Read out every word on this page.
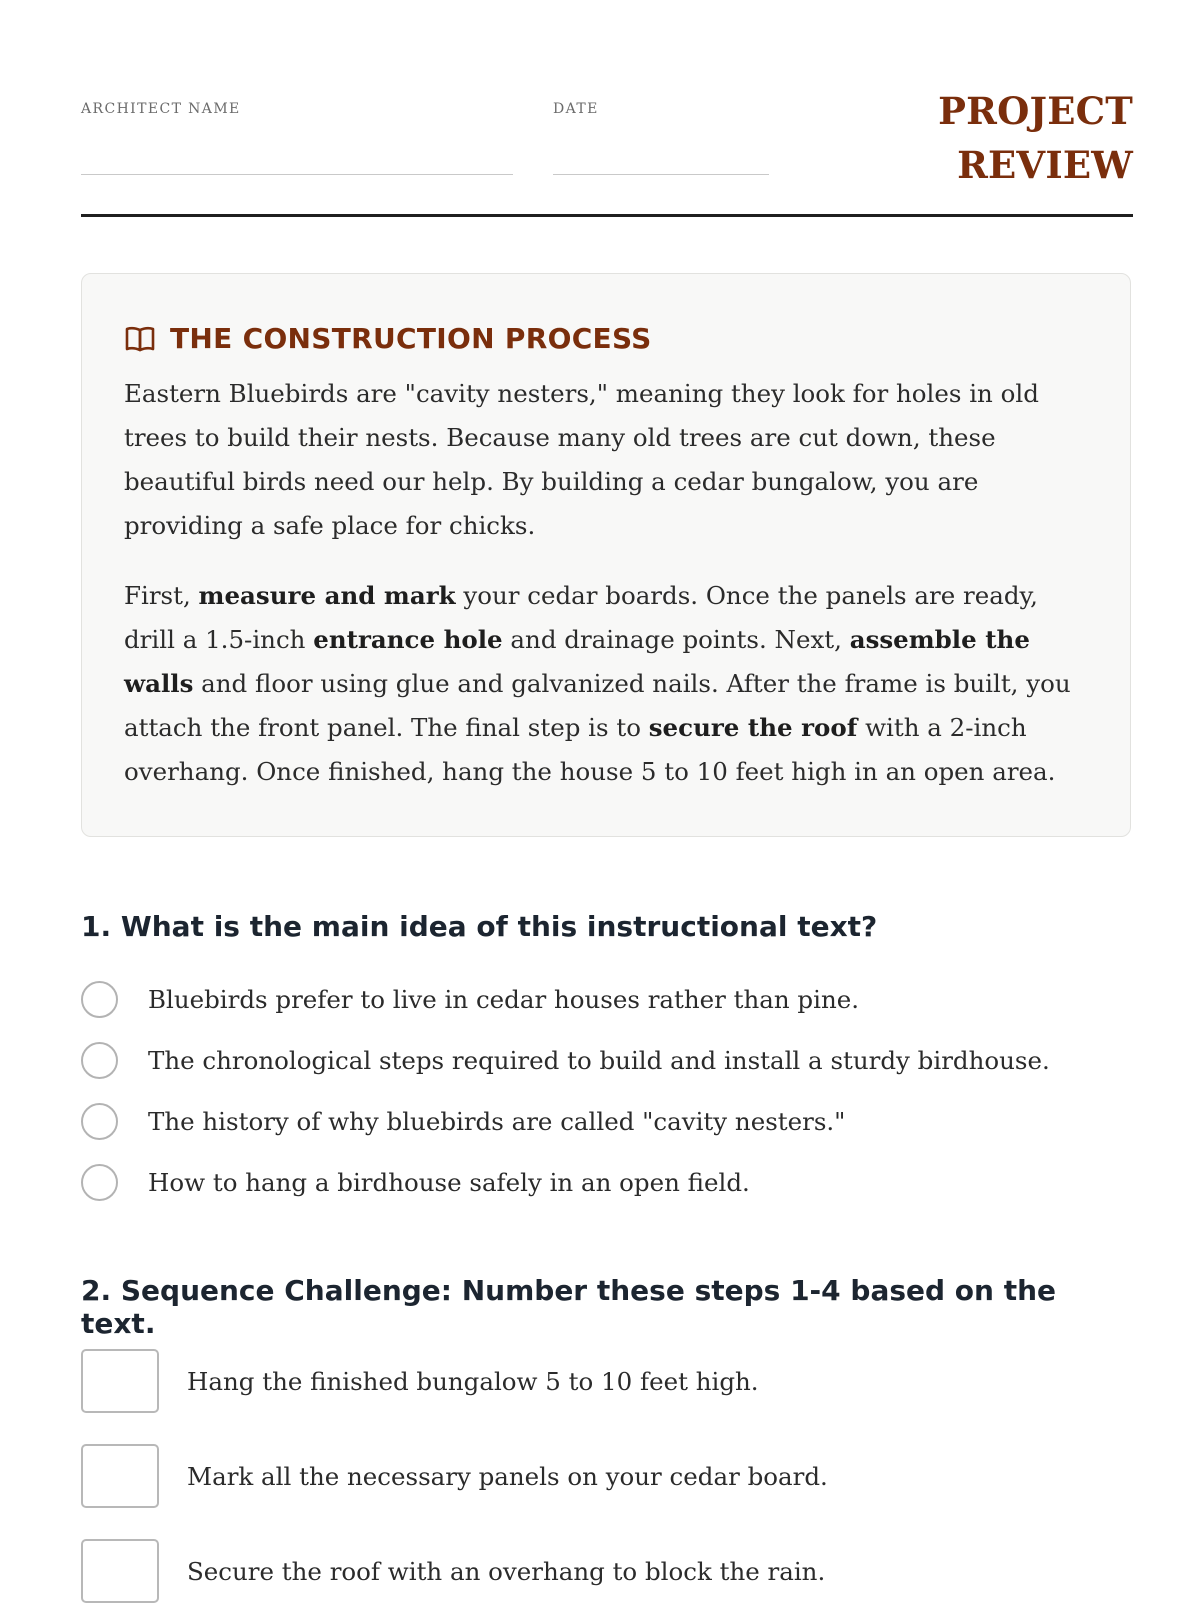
ARCHITECT NAME	DATE	PROJECT
REVIEW
THE CONSTRUCTION PROCESS

Eastern Bluebirds are "cavity nesters," meaning they look for holes in old trees to build their nests. Because many old trees are cut down, these beautiful birds need our help. By building a cedar bungalow, you are providing a safe place for chicks.

First, measure and mark your cedar boards. Once the panels are ready, drill a 1.5-inch entrance hole and drainage points. Next, assemble the walls and floor using glue and galvanized nails. After the frame is built, you attach the front panel. The final step is to secure the roof with a 2-inch overhang. Once finished, hang the house 5 to 10 feet high in an open area.

1. What is the main idea of this instructional text?
Bluebirds prefer to live in cedar houses rather than pine.
The chronological steps required to build and install a sturdy birdhouse.
The history of why bluebirds are called "cavity nesters."
How to hang a birdhouse safely in an open field.
2. Sequence Challenge: Number these steps 1-4 based on the text.
Hang the finished bungalow 5 to 10 feet high.
Mark all the necessary panels on your cedar board.
Secure the roof with an overhang to block the rain.
